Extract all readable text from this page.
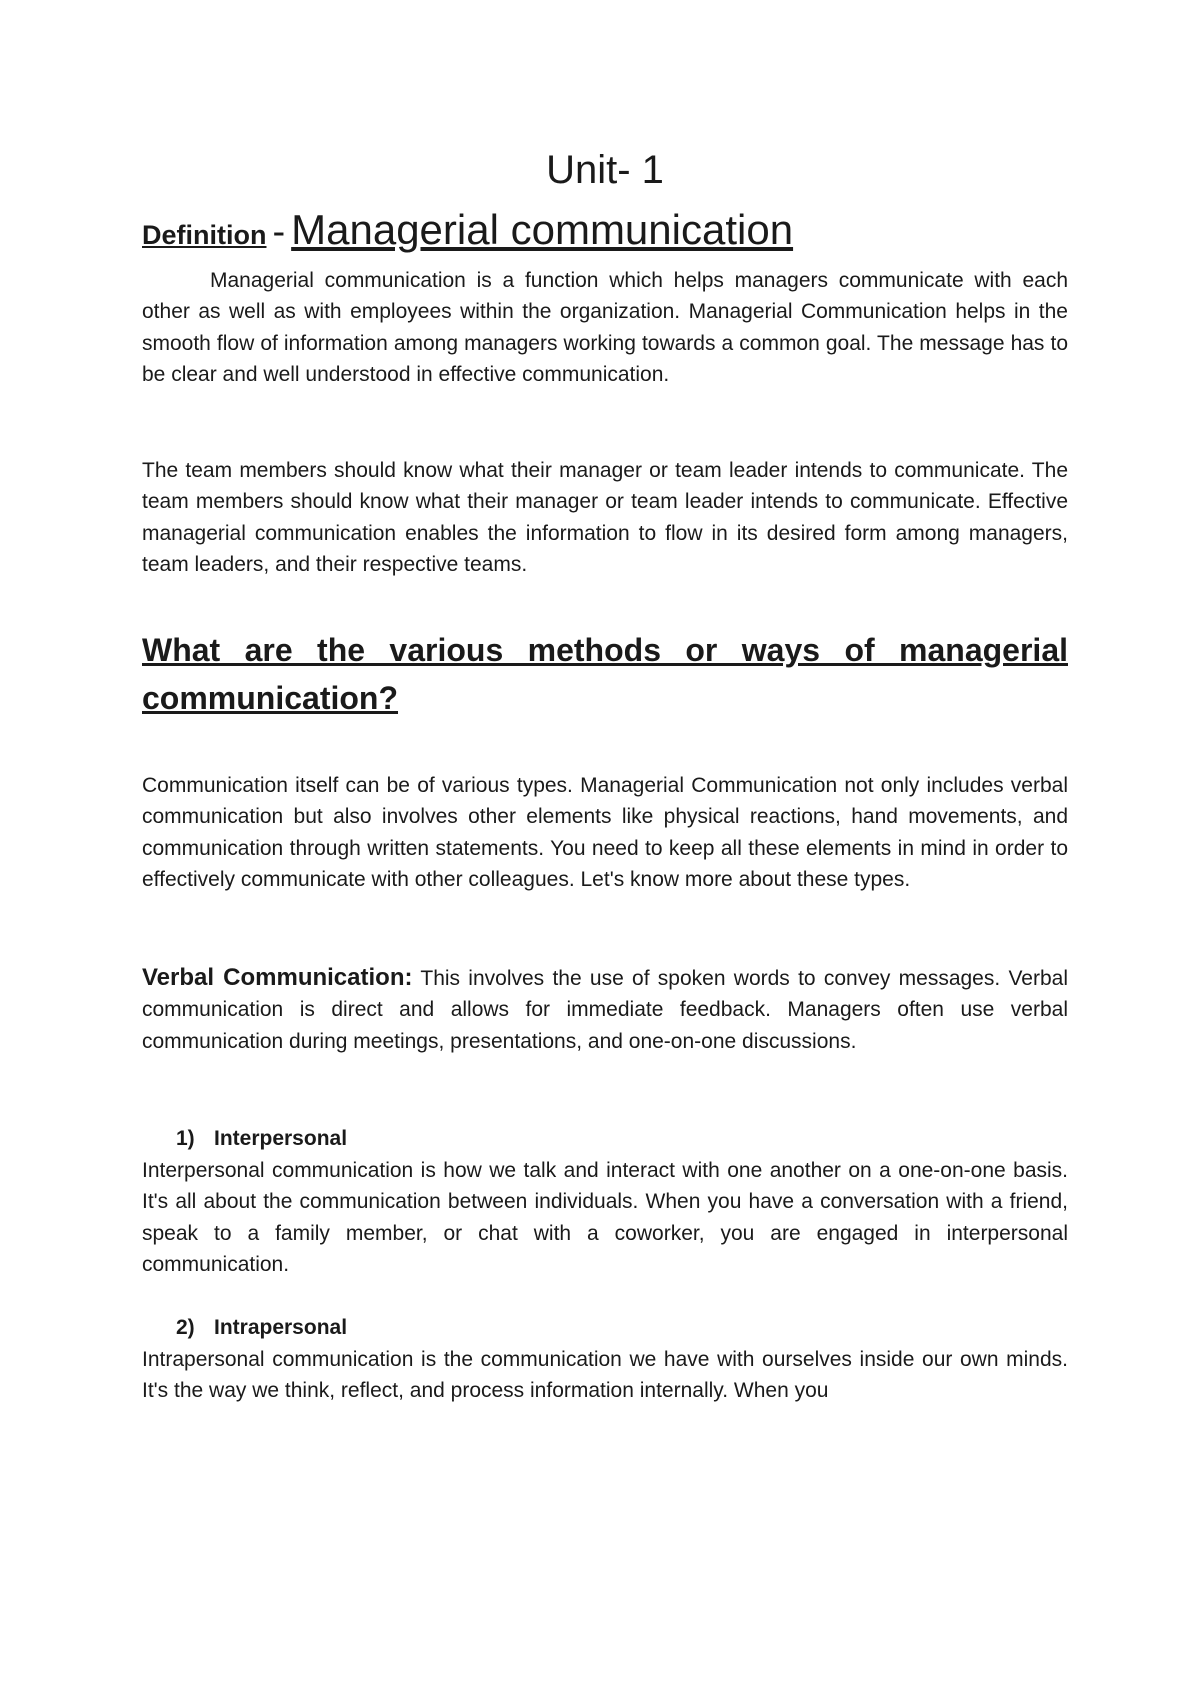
Unit- 1
Definition - Managerial communication

Managerial communication is a function which helps managers communicate with each other as well as with employees within the organization. Managerial Communication helps in the smooth flow of information among managers working towards a common goal. The message has to be clear and well understood in effective communication.

The team members should know what their manager or team leader intends to communicate. The team members should know what their manager or team leader intends to communicate. Effective managerial communication enables the information to flow in its desired form among managers, team leaders, and their respective teams.

What are the various methods or ways of managerial communication?

Communication itself can be of various types. Managerial Communication not only includes verbal communication but also involves other elements like physical reactions, hand movements, and communication through written statements. You need to keep all these elements in mind in order to effectively communicate with other colleagues. Let's know more about these types.

Verbal Communication: This involves the use of spoken words to convey messages. Verbal communication is direct and allows for immediate feedback. Managers often use verbal communication during meetings, presentations, and one-on-one discussions.

1) Interpersonal

Interpersonal communication is how we talk and interact with one another on a one-on-one basis. It's all about the communication between individuals. When you have a conversation with a friend, speak to a family member, or chat with a coworker, you are engaged in interpersonal communication.

2) Intrapersonal

Intrapersonal communication is the communication we have with ourselves inside our own minds. It's the way we think, reflect, and process information internally. When you
